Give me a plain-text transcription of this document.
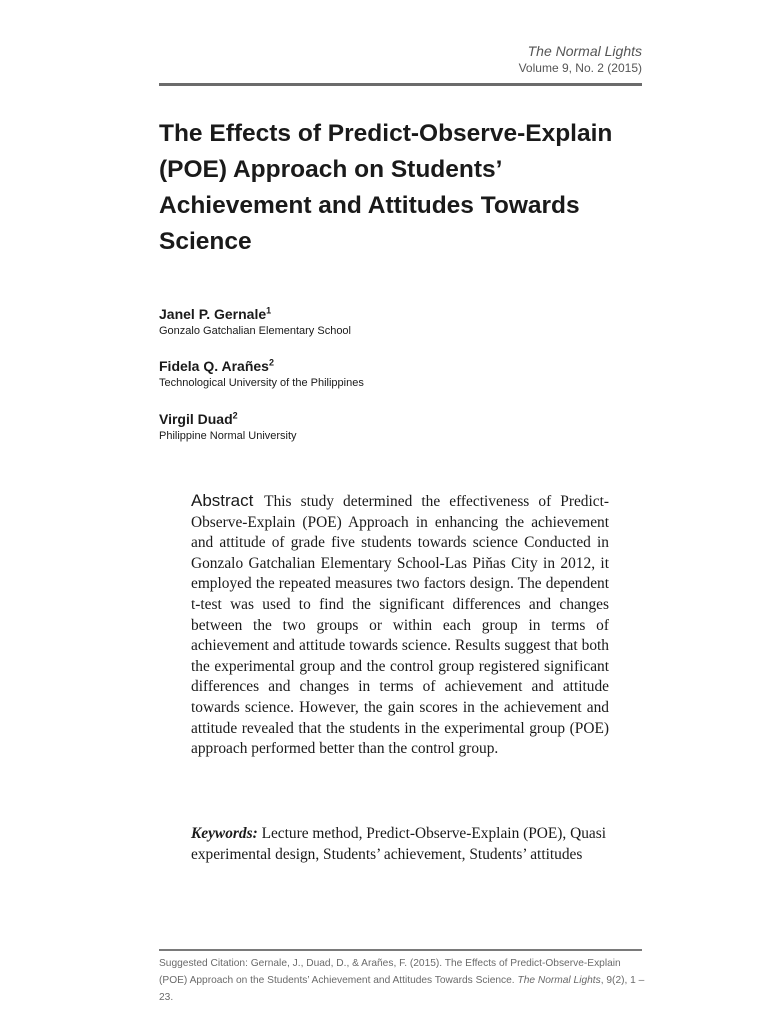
The Normal Lights
Volume 9, No. 2 (2015)
The Effects of Predict-Observe-Explain (POE) Approach on Students’ Achievement and Attitudes Towards Science
Janel P. Gernale$^1$
Gonzalo Gatchalian Elementary School
Fidela Q. Arañes$^2$
Technological University of the Philippines
Virgil Duad$^2$
Philippine Normal University

Abstract This study determined the effectiveness of Predict-Observe-Explain (POE) Approach in enhancing the achievement and attitude of grade five students towards science Conducted in Gonzalo Gatchalian Elementary School-Las Piňas City in 2012, it employed the repeated measures two factors design. The dependent t-test was used to find the significant differences and changes between the two groups or within each group in terms of achievement and attitude towards science. Results suggest that both the experimental group and the control group registered significant differences and changes in terms of achievement and attitude towards science. However, the gain scores in the achievement and attitude revealed that the students in the experimental group (POE) approach performed better than the control group.

Keywords: Lecture method, Predict-Observe-Explain (POE), Quasi experimental design, Students’ achievement, Students’ attitudes

Suggested Citation: Gernale, J., Duad, D., & Arañes, F. (2015). The Effects of Predict-Observe-Explain (POE) Approach on the Students’ Achievement and Attitudes Towards Science. The Normal Lights, 9(2), 1 – 23.
